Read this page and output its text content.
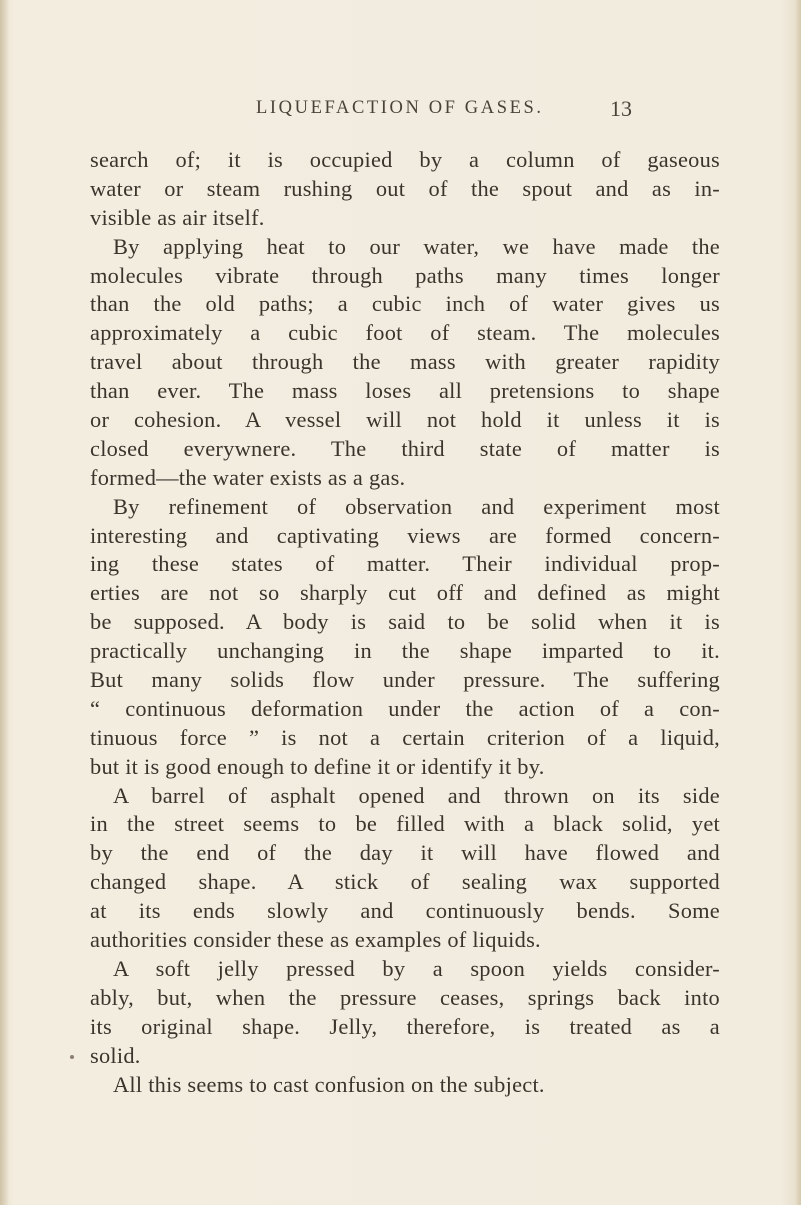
LIQUEFACTION OF GASES.	13
search of; it is occupied by a column of gaseous
water or steam rushing out of the spout and as in-
visible as air itself.
By applying heat to our water, we have made the
molecules vibrate through paths many times longer
than the old paths; a cubic inch of water gives us
approximately a cubic foot of steam. The molecules
travel about through the mass with greater rapidity
than ever. The mass loses all pretensions to shape
or cohesion. A vessel will not hold it unless it is
closed everywnere. The third state of matter is
formed—the water exists as a gas.
By refinement of observation and experiment most
interesting and captivating views are formed concern-
ing these states of matter. Their individual prop-
erties are not so sharply cut off and defined as might
be supposed. A body is said to be solid when it is
practically unchanging in the shape imparted to it.
But many solids flow under pressure. The suffering
“ continuous deformation under the action of a con-
tinuous force ” is not a certain criterion of a liquid,
but it is good enough to define it or identify it by.
A barrel of asphalt opened and thrown on its side
in the street seems to be filled with a black solid, yet
by the end of the day it will have flowed and
changed shape. A stick of sealing wax supported
at its ends slowly and continuously bends. Some
authorities consider these as examples of liquids.
A soft jelly pressed by a spoon yields consider-
ably, but, when the pressure ceases, springs back into
its original shape. Jelly, therefore, is treated as a
solid.
All this seems to cast confusion on the subject.
